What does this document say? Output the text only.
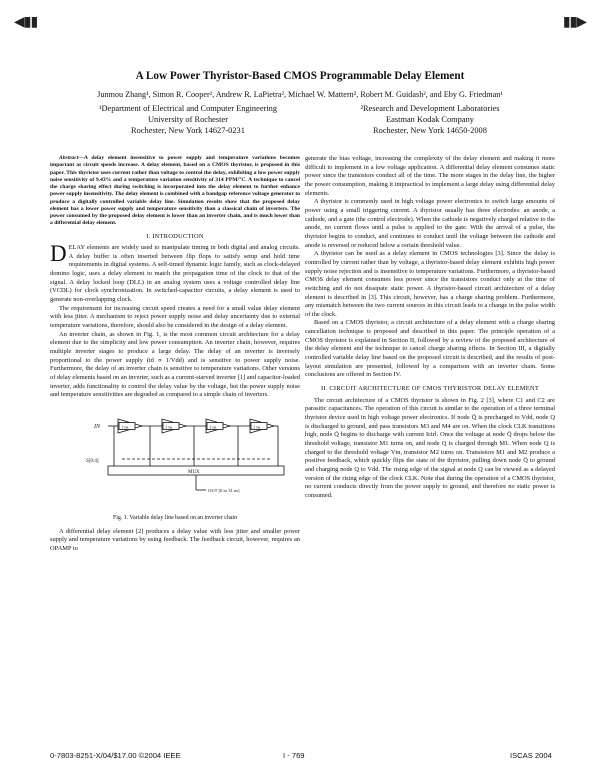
◀▮▮	▮▮▶
A Low Power Thyristor-Based CMOS Programmable Delay Element
Junmou Zhang¹, Simon R. Cooper², Andrew R. LaPietra², Michael W. Mattern², Robert M. Guidash², and Eby G. Friedman¹
¹Department of Electrical and Computer Engineering
University of Rochester
Rochester, New York 14627-0231
²Research and Development Laboratories
Eastman Kodak Company
Rochester, New York 14650-2008

Abstract—A delay element insensitive to power supply and temperature variations becomes important as circuit speeds increase. A delay element, based on a CMOS thyristor, is proposed in this paper. This thyristor uses current rather than voltage to control the delay, exhibiting a low power supply noise sensitivity of 9.43% and a temperature variation sensitivity of 314 PPM/°C. A technique to cancel the charge sharing effect during switching is incorporated into the delay element to further enhance power supply insensitivity. The delay element is combined with a bandgap reference voltage generator to produce a digitally controlled variable delay line. Simulation results show that the proposed delay element has a lower power supply and temperature sensitivity than a classical chain of inverters. The power consumed by the proposed delay element is lower than an inverter chain, and is much lower than a differential delay element.

I. INTRODUCTION

DELAY elements are widely used to manipulate timing in both digital and analog circuits. A delay buffer is often inserted between flip flops to satisfy setup and hold time requirements in digital systems. A self-timed dynamic logic family, such as clock-delayed domino logic, uses a delay element to match the propagation time of the clock to that of the signal. A delay locked loop (DLL) in an analog system uses a voltage controlled delay line (VCDL) for clock synchronization. In switched-capacitor circuits, a delay element is used to generate non-overlapping clock.

The requirement for increasing circuit speed creates a need for a small value delay element with less jitter. A mechanism to reject power supply noise and delay uncertainty due to external temperature variations, therefore, should also be considered in the design of a delay element.

An inverter chain, as shown in Fig. 1, is the most common circuit architecture for a delay element due to the simplicity and low power consumption. An inverter chain, however, requires multiple inverter stages to produce a large delay. The delay of an inverter is inversely proportional to the power supply (td ∝ 1/Vdd) and is sensitive to power supply noise. Furthermore, the delay of an inverter chain is sensitive to temperature variations. Other versions of delay elements based on an inverter, such as a current-starved inverter [1] and capacitor-loaded inverter, adds functionality to control the delay value by the voltage, but the power supply noise and temperature sensitivities are degraded as compared to a simple chain of inverters.

IN	1 ns	1 ns	1 ns	1 ns
S[0:4]
MUX
OUT [0 to 31 ns]
Fig. 1. Variable delay line based on an inverter chain

A differential delay element [2] produces a delay value with less jitter and smaller power supply and temperature variations by using feedback. The feedback circuit, however, requires an OPAMP to

generate the bias voltage, increasing the complexity of the delay element and making it more difficult to implement in a low voltage application. A differential delay element consumes static power since the transistors conduct all of the time. The more stages in the delay line, the higher the power consumption, making it impractical to implement a large delay using differential delay elements.

A thyristor is commonly used in high voltage power electronics to switch large amounts of power using a small triggering current. A thyristor usually has three electrodes: an anode, a cathode, and a gate (the control electrode). When the cathode is negatively charged relative to the anode, no current flows until a pulse is applied to the gate. With the arrival of a pulse, the thyristor begins to conduct, and continues to conduct until the voltage between the cathode and anode is reversed or reduced below a certain threshold value.

A thyristor can be used as a delay element in CMOS technologies [3]. Since the delay is controlled by current rather than by voltage, a thyristor-based delay element exhibits high power supply noise rejection and is insensitive to temperature variations. Furthermore, a thyristor-based CMOS delay element consumes less power since the transistors conduct only at the time of switching and do not dissipate static power. A thyristor-based circuit architecture of a delay element is described in [3]. This circuit, however, has a charge sharing problem. Furthermore, any mismatch between the two current sources in this circuit leads to a change in the pulse width of the clock.

Based on a CMOS thyristor, a circuit architecture of a delay element with a charge sharing cancellation technique is proposed and described in this paper. The principle operation of a CMOS thyristor is explained in Section II, followed by a review of the proposed architecture of the delay element and the technique to cancel charge sharing effects. In Section III, a digitally controlled variable delay line based on the proposed circuit is described, and the results of post-layout simulation are presented, followed by a comparison with an inverter chain. Some conclusions are offered in Section IV.

II. CIRCUIT ARCHITECTURE OF CMOS THYRISTOR DELAY ELEMENT

The circuit architecture of a CMOS thyristor is shown in Fig. 2 [3], where C1 and C2 are parasitic capacitances. The operation of this circuit is similar to the operation of a three terminal thyristor device used in high voltage power electronics. If node Q̄ is precharged to Vdd, node Q is discharged to ground, and pass transistors M3 and M4 are on. When the clock CLK transitions high, node Q̄ begins to discharge with current Ictrl. Once the voltage at node Q̄ drops below the threshold voltage, transistor M1 turns on, and node Q is charged through M1. When node Q is charged to the threshold voltage Vtn, transistor M2 turns on. Transistors M1 and M2 produce a positive feedback, which quickly flips the state of the thyristor, pulling down node Q̄ to ground and charging node Q to Vdd. The rising edge of the signal at node Q can be viewed as a delayed version of the rising edge of the clock CLK. Note that during the operation of a CMOS thyristor, no current conducts directly from the power supply to ground, and therefore no static power is consumed.

0-7803-8251-X/04/$17.00 ©2004 IEEE	I - 769	ISCAS 2004
